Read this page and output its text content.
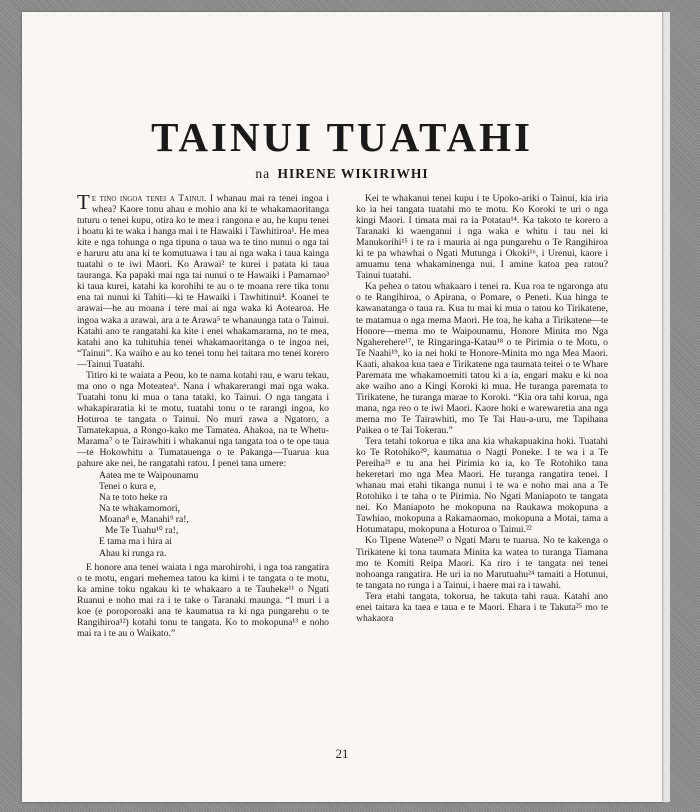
TAINUI TUATAHI
na HIRENE WIKIRIWHI

Te tino ingoa tenei a Tainui. I whanau mai ra tenei ingoa i whea? Kaore tonu ahau e mohio ana ki te whakamaoritanga tuturu o tenei kupu, otira ko te mea i rangona e au, he kupu tenei i hoatu ki te waka i hanga mai i te Hawaiki i Tawhitiroa¹. He mea kite e nga tohunga o nga tipuna o taua wa te tino nunui o nga tai e haruru atu ana ki te komutuawa i tau ai nga waka i taua kainga tuatahi o te iwi Maori. Ko Arawai² te kurei i patata ki taua tauranga. Ka papaki mai nga tai nunui o te Hawaiki i Pamamao³ ki taua kurei, katahi ka korohihi te au o te moana rere tika tonu ena tai nunui ki Tahiti—ki te Hawaiki i Tawhitinui⁴. Koanei te arawai—he au moana i tere mai ai nga waka ki Aotearoa. He ingoa waka a arawai, ara a te Arawa⁵ te whanaunga tata o Tainui. Katahi ano te rangatahi ka kite i enei whakamarama, no te mea, katahi ano ka tuhituhia tenei whakamaoritanga o te ingoa nei, “Tainui”. Ka waiho e au ko tenei tonu hei taitara mo tenei korero—Tainui Tuatahi.

Titiro ki te waiata a Peou, ko te nama kotahi rau, e waru tekau, ma ono o nga Moteatea⁶. Nana i whakarerangi mai nga waka. Tuatahi tonu ki mua o tana tataki, ko Tainui. O nga tangata i whakapiraratia ki te motu, tuatahi tonu o te rarangi ingoa, ko Hoturoa te tangata o Tainui. No muri rawa a Ngatoro, a Tamatekapua, a Rongo-kako me Tamatea. Ahakoa, na te Whetu-Marama⁷ o te Tairawhiti i whakanui nga tangata toa o te ope taua—te Hokowhitu a Tumatauenga o te Pakanga—Tuarua kua pahure ake nei, he rangatahi ratou. I penei tana umere:

Aatea me te Waipounamu
Tenei o kura e,
Na te toto heke ra
Na te whakamomori,
Moana⁸ e, Manahi⁹ ra!,
Me Te Tuahu¹⁰ ra!,
E tama ma i hira ai
Ahau ki runga ra.

E honore ana tenei waiata i nga marohirohi, i nga toa rangatira o te motu, engari mehemea tatou ka kimi i te tangata o te motu, ka amine toku ngakau ki te whakaaro a te Tauheke¹¹ o Ngati Ruanui e noho mai ra i te take o Taranaki maunga. “I muri i a koe (e poroporoaki ana te kaumatua ra ki nga pungarehu o te Rangihiroa¹²) kotahi tonu te tangata. Ko to mokopuna¹³ e noho mai ra i te au o Waikato.”

Kei te whakanui tenei kupu i te Upoko-ariki o Tainui, kia iria ko ia hei tangata tuatahi mo te motu. Ko Koroki te uri o nga kingi Maori. I timata mai ra ia Potatau¹⁴. Ka takoto te korero a Taranaki ki waenganui i nga waka e whitu i tau nei ki Manukorihi¹⁵ i te ra i mauria ai nga pungarehu o Te Rangihiroa ki te pa whawhai o Ngati Mutunga i Okoki¹⁶, i Urenui, kaore i amuamu tena whakaminenga nui. I amine katoa pea ratou? Tainui tuatahi.

Ka pehea o tatou whakaaro i tenei ra. Kua roa te ngaronga atu o te Rangihiroa, o Apirana, o Pomare, o Peneti. Kua hinga te kawanatanga o taua ra. Kua tu mai ki mua o tatou ko Tirikatene, te matamua o nga mema Maori. He toa, he kaha a Tirikatene—te Honore—mema mo te Waipounamu, Honore Minita mo Nga Ngaherehere¹⁷, te Ringaringa-Katau¹⁸ o te Pirimia o te Motu, o Te Naahi¹⁹, ko ia nei hoki te Honore-Minita mo nga Mea Maori. Kaati, ahakoa kua taea e Tirikatene nga taumata teitei o te Whare Paremata me whakamoemiti tatou ki a ia, engari maku e ki noa ake waiho ano a Kingi Koroki ki mua. He turanga paremata to Tirikatene, he turanga marae to Koroki. “Kia ora tahi koruа, nga mana, nga reo o te iwi Maori. Kaore hoki e warewaretia ana nga mema mo Te Tairawhiti, mo Te Tai Hau-a-uru, me Tapihana Paikea o te Tai Tokerau.”

Tera tetahi tokorua e tika ana kia whakapuakina hoki. Tuatahi ko Te Rotohiko²⁰, kaumatua o Nagti Poneke. I te wa i a Te Pereiha²¹ e tu ana hei Pirimia ko ia, ko Te Rotohiko tana hekeretari mo nga Mea Maori. He turanga rangatira tenei. I whanau mai etahi tikanga nunui i te wa e noho mai ana a Te Rotohiko i te taha o te Pirimia. No Ngati Maniapoto te tangata nei. Ko Maniapoto he mokopuna na Raukawa mokopuna a Tawhiao, mokopuna a Rakamaomao, mokopuna a Motai, tama a Hotumatapu, mokopuna a Hoturoa o Tainui.²²

Ko Tipene Watene²³ o Ngati Maru te tuarua. No te kakenga o Tirikatene ki tona taumata Minita ka watea to turanga Tiamana mo te Komiti Reipa Maori. Ka riro i te tangata nei tenei nohoanga rangatira. He uri ia no Marutuahu²⁴ tamaiti a Hotunui, te tangata no runga i a Tainui, i haere mai ra i tawahi.

Tera etahi tangata, tokorua, he takuta tahi raua. Katahi ano enei taitara ka taea e taua e te Maori. Ehara i te Takuta²⁵ mo te whakaora

21
